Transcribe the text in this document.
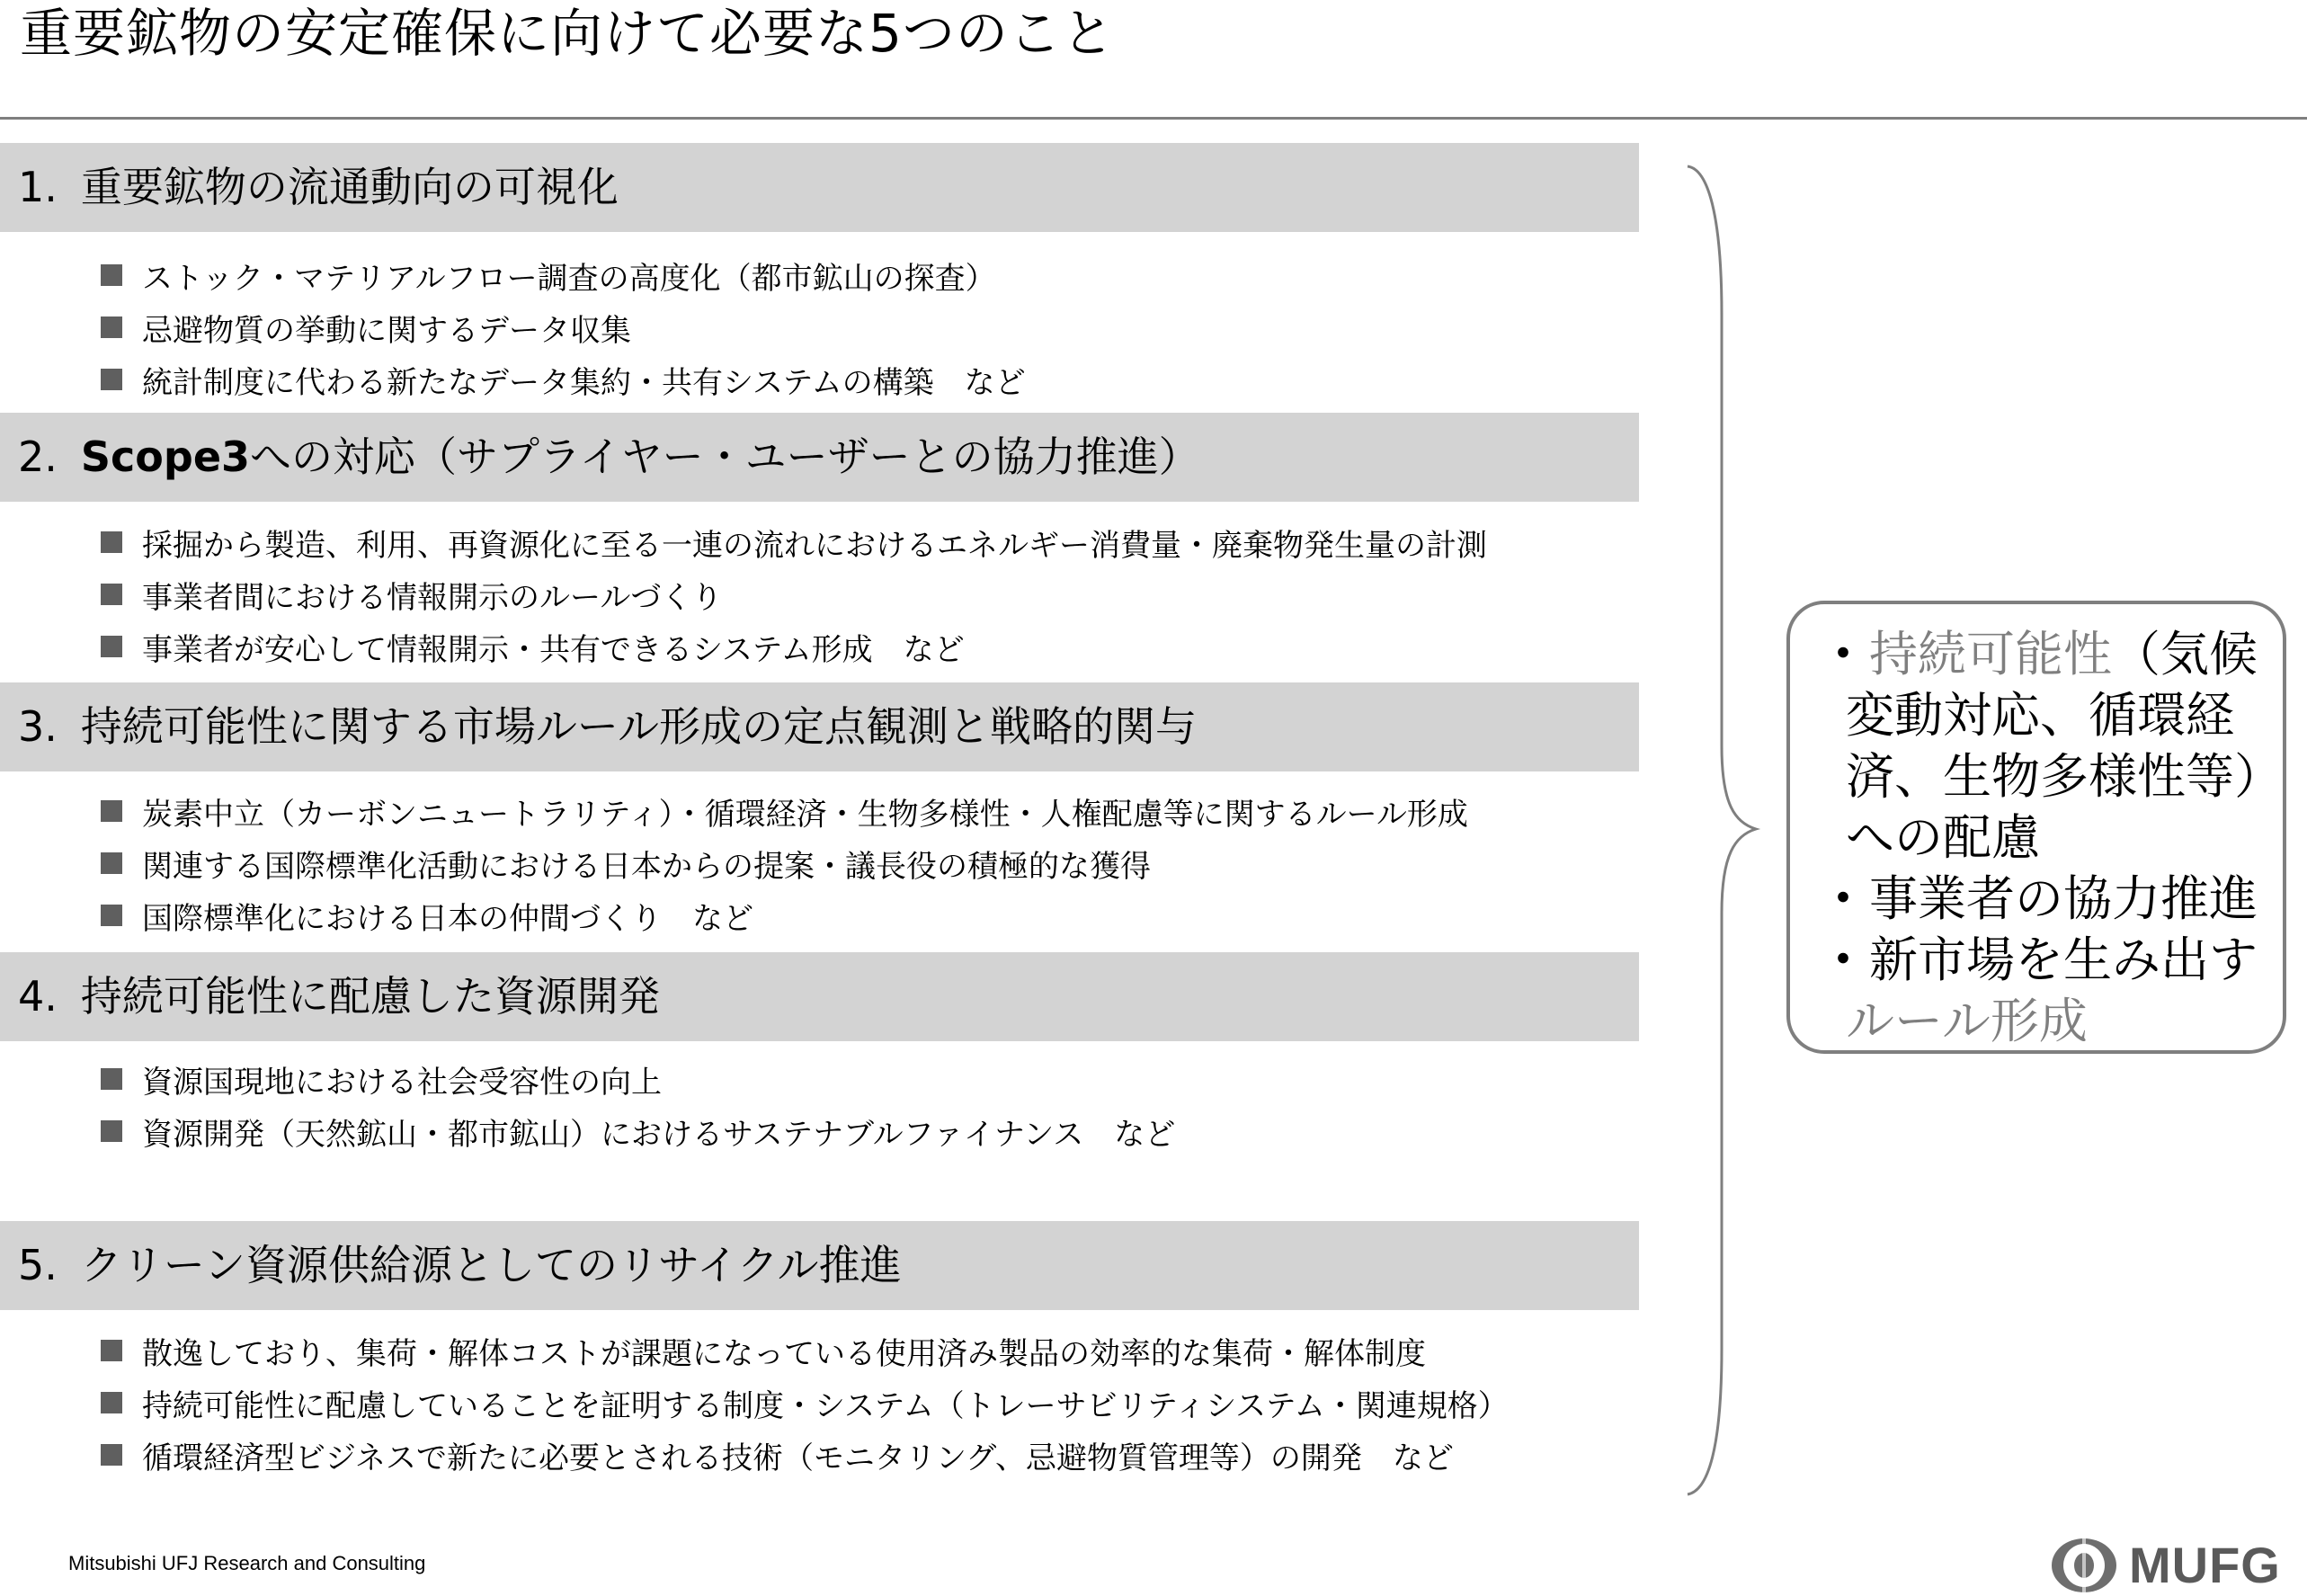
重要鉱物の安定確保に向けて必要な5つのこと
1. 重要鉱物の流通動向の可視化
ストック・マテリアルフロー調査の高度化（都市鉱山の探査）
忌避物質の挙動に関するデータ収集
統計制度に代わる新たなデータ集約・共有システムの構築　など
2. Scope3への対応（サプライヤー・ユーザーとの協力推進）
採掘から製造、利用、再資源化に至る一連の流れにおけるエネルギー消費量・廃棄物発生量の計測
事業者間における情報開示のルールづくり
事業者が安心して情報開示・共有できるシステム形成　など
3. 持続可能性に関する市場ルール形成の定点観測と戦略的関与
炭素中立（カーボンニュートラリティ）・循環経済・生物多様性・人権配慮等に関するルール形成
関連する国際標準化活動における日本からの提案・議長役の積極的な獲得
国際標準化における日本の仲間づくり　など
4. 持続可能性に配慮した資源開発
資源国現地における社会受容性の向上
資源開発（天然鉱山・都市鉱山）におけるサステナブルファイナンス　など
5. クリーン資源供給源としてのリサイクル推進
散逸しており、集荷・解体コストが課題になっている使用済み製品の効率的な集荷・解体制度
持続可能性に配慮していることを証明する制度・システム（トレーサビリティシステム・関連規格）
循環経済型ビジネスで新たに必要とされる技術（モニタリング、忌避物質管理等）の開発　など
・持続可能性（気候
変動対応、循環経
済、生物多様性等）
への配慮
・事業者の協力推進
・新市場を生み出す
ルール形成
Mitsubishi UFJ Research and Consulting	MUFG
